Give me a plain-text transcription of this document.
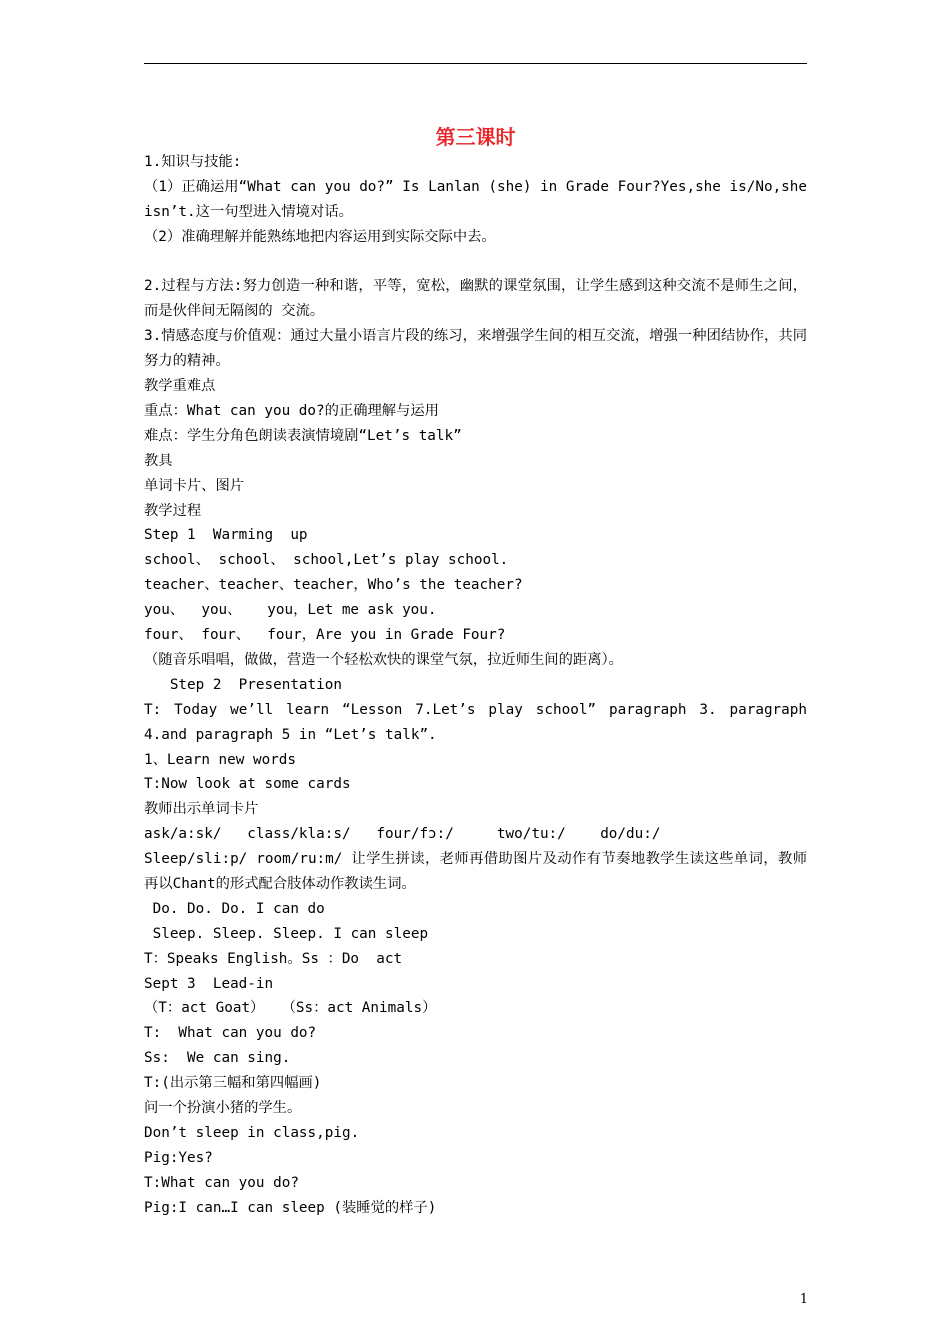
第三课时
1.知识与技能:
（1）正确运用“What can you do?” Is Lanlan (she) in Grade Four?Yes,she is/No,she isn’t.这一句型进入情境对话。
（2）准确理解并能熟练地把内容运用到实际交际中去。
2.过程与方法:努力创造一种和谐，平等，宽松，幽默的课堂氛围，让学生感到这种交流不是师生之间，而是伙伴间无隔阂的 交流。
3.情感态度与价值观：通过大量小语言片段的练习，来增强学生间的相互交流，增强一种团结协作，共同努力的精神。
教学重难点
重点：What can you do?的正确理解与运用
难点：学生分角色朗读表演情境剧“Let’s talk”
教具
单词卡片、图片
教学过程
Step 1  Warming  up
school、 school、 school,Let’s play school.
teacher、teacher、teacher，Who’s the teacher?
you、  you、   you，Let me ask you.
four、 four、  four，Are you in Grade Four?
（随音乐唱唱，做做，营造一个轻松欢快的课堂气氛，拉近师生间的距离）。
Step 2  Presentation
T: Today we’ll learn “Lesson 7.Let’s play school” paragraph 3. paragraph 4.and paragraph 5 in “Let’s talk”.
1、Learn new words
T:Now look at some cards
教师出示单词卡片
ask/a:sk/   class/kla:s/   four/fɔ:/     two/tu:/    do/du:/
Sleep/sli:p/ room/ru:m/ 让学生拼读，老师再借助图片及动作有节奏地教学生读这些单词，教师再以Chant的形式配合肢体动作教读生词。
Do. Do. Do. I can do
Sleep. Sleep. Sleep. I can sleep
T：Speaks English。Ss ：Do  act
Sept 3  Lead-in
（T：act Goat）  （Ss：act Animals）
T:  What can you do?
Ss:  We can sing.
T:(出示第三幅和第四幅画)
问一个扮演小猪的学生。
Don’t sleep in class,pig.
Pig:Yes?
T:What can you do?
Pig:I can…I can sleep (装睡觉的样子)
1
